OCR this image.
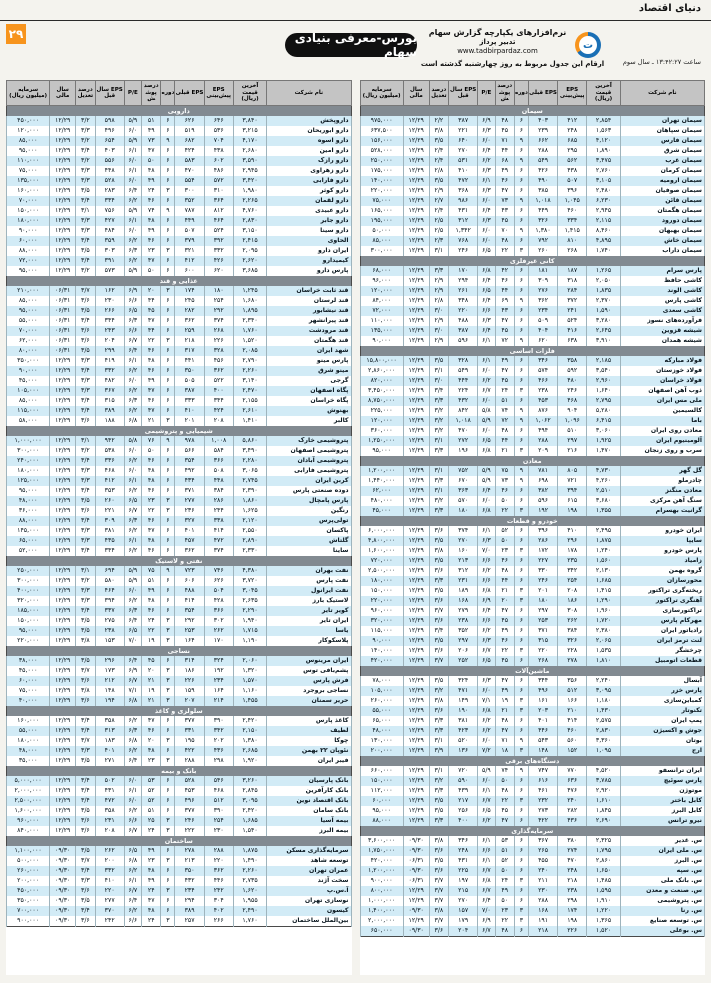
دنیای اقتصاد
۲۹	بورس-معرفی بنیادی سهام
نرم‌افزارهای یکپارچه گزارش سهام
تدبیر پرداز
www.tadbirpardaz.com
ت
ارقام این جدول مربوط به روز چهارشنبه گذشته است	ساعت ۱۳:۴۲:۲۷ ـ سال سوم
نام شرکت	آخرین قیمت (ریال)	EPS پیش‌بینی	EPS قبلی	دوره	درصد پوشش	P/E	EPS سال قبل	درصد تعدیل	سال مالی	سرمایه (میلیون ریال)
سیمان										
سیمان تهران	۲,۸۵۴	۴۱۲	۴۰۳	۶	۴۸	۶/۹	۳۸۷	۲/۲	۱۲/۲۹	۹۷۵,۰۰۰
سیمان سپاهان	۱,۵۶۳	۲۴۸	۲۳۹	۶	۴۵	۶/۳	۲۲۱	۳/۸	۱۲/۲۹	۶۳۷,۵۰۰
سیمان فارس	۴,۱۲۰	۶۸۵	۶۶۲	۹	۷۱	۶/۰	۶۴۰	۳/۵	۱۲/۲۹	۱۵۶,۰۰۰
سیمان شرق	۱,۸۹۰	۲۹۵	۲۸۸	۶	۴۴	۶/۴	۲۷۰	۲/۴	۱۲/۲۹	۵۲۸,۰۰۰
سیمان غرب	۳,۴۷۵	۵۶۲	۵۴۹	۹	۶۸	۶/۲	۵۳۱	۲/۴	۱۲/۲۹	۲۵۰,۰۰۰
سیمان کرمان	۲,۷۶۰	۴۳۸	۴۲۶	۶	۴۹	۶/۳	۴۱۰	۲/۸	۱۲/۲۹	۱۷۵,۰۰۰
سیمان ارومیه	۳,۱۰۵	۵۰۷	۴۹۰	۶	۴۶	۶/۱	۴۷۲	۳/۵	۱۲/۲۹	۱۴۰,۰۰۰
سیمان صوفیان	۲,۴۸۰	۳۹۶	۳۸۵	۶	۴۷	۶/۳	۳۶۸	۲/۹	۱۲/۲۹	۲۲۰,۰۰۰
سیمان قائن	۶,۲۳۰	۱,۰۴۵	۱,۰۱۸	۹	۷۳	۶/۰	۹۸۶	۲/۷	۱۲/۲۹	۷۵,۰۰۰
سیمان هگمتان	۲,۹۴۵	۴۶۰	۴۴۹	۶	۴۳	۶/۴	۴۳۱	۲/۴	۱۲/۲۹	۱۶۵,۰۰۰
سیمان دورود	۲,۱۱۵	۳۳۴	۳۲۶	۶	۴۵	۶/۳	۳۱۲	۲/۵	۱۲/۲۹	۱۹۵,۰۰۰
سیمان بهبهان	۸,۴۶۰	۱,۴۱۵	۱,۳۸۰	۹	۷۰	۶/۰	۱,۳۴۲	۲/۵	۱۲/۲۹	۵۰,۰۰۰
سیمان خاش	۴,۸۹۵	۸۱۰	۷۹۲	۶	۴۸	۶/۰	۷۶۸	۲/۳	۱۲/۲۹	۸۵,۰۰۰
سیمان داراب	۱,۷۴۰	۲۶۸	۲۶۰	۳	۲۲	۶/۵	۲۴۶	۳/۱	۱۲/۲۹	۳۰۰,۰۰۰
کانی غیرفلزی										
پارس سرام	۱,۲۶۵	۱۸۷	۱۸۱	۶	۴۲	۶/۸	۱۷۰	۳/۳	۱۲/۲۹	۶۸,۰۰۰
کاشی حافظ	۲,۰۵۰	۳۱۸	۳۰۹	۶	۴۶	۶/۴	۲۹۴	۲/۹	۱۲/۲۹	۹۶,۰۰۰
کاشی الوند	۱,۸۳۵	۲۸۴	۲۷۶	۶	۴۴	۶/۵	۲۶۱	۲/۹	۱۲/۲۹	۱۲۰,۰۰۰
کاشی پارس	۲,۳۷۰	۳۷۲	۳۶۲	۹	۶۹	۶/۴	۳۴۸	۲/۸	۱۲/۲۹	۸۴,۰۰۰
کاشی سعدی	۱,۵۹۰	۲۴۱	۲۳۴	۶	۴۳	۶/۶	۲۲۰	۳/۰	۱۲/۲۹	۷۲,۰۰۰
فرآورده‌های نسوز	۳,۲۸۰	۵۲۴	۵۰۹	۶	۴۷	۶/۳	۴۸۸	۲/۹	۱۲/۲۹	۱۱۰,۰۰۰
شیشه قزوین	۲,۶۴۵	۴۱۶	۴۰۴	۶	۴۵	۶/۴	۳۸۷	۳/۰	۱۲/۲۹	۱۳۵,۰۰۰
شیشه همدان	۳,۹۱۰	۶۳۸	۶۲۰	۹	۷۲	۶/۱	۵۹۶	۲/۹	۱۲/۲۹	۹۰,۰۰۰
فلزات اساسی										
فولاد مبارکه	۲,۱۸۵	۳۵۸	۳۴۶	۶	۴۹	۶/۱	۳۲۸	۳/۵	۱۲/۲۹	۱۵,۸۰۰,۰۰۰
فولاد خوزستان	۳,۵۴۰	۵۹۲	۵۷۴	۶	۴۷	۶/۰	۵۴۹	۳/۱	۱۲/۲۹	۲,۸۶۰,۰۰۰
فولاد خراسان	۲,۹۶۰	۴۸۰	۴۶۶	۶	۴۵	۶/۲	۴۴۴	۳/۰	۱۲/۲۹	۸۲۰,۰۰۰
ذوب آهن اصفهان	۱,۶۴۰	۲۴۶	۲۳۸	۳	۲۴	۶/۷	۲۲۴	۳/۴	۱۲/۲۹	۳,۴۵۰,۰۰۰
ملی مس ایران	۲,۷۹۵	۴۶۸	۴۵۳	۶	۵۱	۶/۰	۴۳۲	۳/۳	۱۲/۲۹	۸,۷۵۰,۰۰۰
کالسیمین	۵,۲۸۰	۹۰۴	۸۷۶	۹	۷۴	۵/۸	۸۴۲	۳/۲	۱۲/۲۹	۲۲۵,۰۰۰
باما	۶,۴۱۵	۱,۰۹۶	۱,۰۶۲	۹	۷۲	۵/۹	۱,۰۱۸	۳/۲	۱۲/۲۹	۱۲۰,۰۰۰
معادن روی ایران	۳,۰۶۰	۵۱۰	۴۹۴	۶	۴۸	۶/۰	۴۷۰	۳/۲	۱۲/۲۹	۳۶۰,۰۰۰
آلومینیوم ایران	۱,۹۲۵	۲۹۷	۲۸۸	۶	۴۴	۶/۵	۲۷۲	۳/۱	۱۲/۲۹	۱,۲۵۰,۰۰۰
سرب و روی زنجان	۱,۴۷۰	۲۱۶	۲۰۹	۳	۲۱	۶/۸	۱۹۶	۳/۳	۱۲/۲۹	۹۵,۰۰۰
معادن										
گل گهر	۴,۷۳۰	۸۰۵	۷۸۱	۹	۷۵	۵/۹	۷۵۲	۳/۱	۱۲/۲۹	۱,۲۰۰,۰۰۰
چادرملو	۴,۲۶۰	۷۲۱	۶۹۸	۹	۷۳	۵/۹	۶۷۰	۳/۳	۱۲/۲۹	۱,۴۴۰,۰۰۰
معادن منگنز	۲,۵۱۰	۳۹۴	۳۸۲	۶	۴۶	۶/۴	۳۶۳	۳/۱	۱۲/۲۹	۶۲,۰۰۰
سنگ آهن مرکزی	۳,۶۸۰	۶۱۵	۵۹۶	۶	۵۰	۶/۰	۵۷۰	۳/۲	۱۲/۲۹	۴۸۰,۰۰۰
گرانیت بهسرام	۱,۳۵۵	۱۹۸	۱۹۲	۳	۲۲	۶/۸	۱۸۰	۳/۳	۱۲/۲۹	۴۵,۰۰۰
خودرو و قطعات										
ایران خودرو	۲,۴۹۵	۴۱۰	۳۹۶	۶	۵۲	۶/۱	۳۷۴	۳/۶	۱۲/۲۹	۶,۰۰۰,۰۰۰
سایپا	۱,۸۷۵	۲۹۶	۲۸۶	۶	۵۰	۶/۳	۲۷۰	۳/۵	۱۲/۲۹	۴,۸۰۰,۰۰۰
پارس خودرو	۱,۲۴۰	۱۷۸	۱۷۲	۳	۲۳	۷/۰	۱۶۰	۳/۸	۱۲/۲۹	۱,۶۰۰,۰۰۰
زامیاد	۱,۵۶۰	۲۳۵	۲۲۷	۶	۴۶	۶/۶	۲۱۳	۳/۵	۱۲/۲۹	۷۲۰,۰۰۰
گروه بهمن	۲,۱۳۰	۳۴۲	۳۳۰	۶	۴۸	۶/۲	۳۱۲	۳/۶	۱۲/۲۹	۲,۵۰۰,۰۰۰
محورسازان	۱,۶۸۵	۲۵۴	۲۴۶	۶	۴۴	۶/۶	۲۳۱	۳/۳	۱۲/۲۹	۱۸۰,۰۰۰
ریخته‌گری تراکتور	۱,۴۱۵	۲۰۸	۲۰۱	۳	۲۱	۶/۸	۱۸۹	۳/۵	۱۲/۲۹	۱۵۰,۰۰۰
آهنگری تراکتور	۱,۲۹۰	۱۸۶	۱۸۰	۳	۲۰	۶/۹	۱۶۸	۳/۶	۱۲/۲۹	۲۲۰,۰۰۰
تراکتورسازی	۱,۹۶۰	۳۰۸	۲۹۷	۶	۴۷	۶/۴	۲۷۹	۳/۷	۱۲/۲۹	۹۶۰,۰۰۰
مهرکام پارس	۱,۷۲۰	۲۶۲	۲۵۳	۶	۴۵	۶/۶	۲۳۸	۳/۶	۱۲/۲۹	۳۲۰,۰۰۰
رادیاتور ایران	۲,۳۸۰	۳۸۴	۳۷۱	۶	۴۹	۶/۲	۳۵۲	۳/۴	۱۲/۲۹	۱۱۵,۰۰۰
لنت ترمز ایران	۲,۰۶۵	۳۲۶	۳۱۵	۶	۴۶	۶/۳	۲۹۷	۳/۵	۱۲/۲۹	۹۰,۰۰۰
چرخشگر	۱,۵۳۵	۲۲۸	۲۲۰	۳	۲۲	۶/۷	۲۰۶	۳/۶	۱۲/۲۹	۱۴۰,۰۰۰
قطعات اتومبیل	۱,۸۱۰	۲۷۸	۲۶۸	۶	۴۵	۶/۵	۲۵۲	۳/۷	۱۲/۲۹	۴۲۰,۰۰۰
ماشین‌آلات										
آبسال	۲,۲۴۰	۳۵۶	۳۴۴	۶	۴۷	۶/۳	۳۲۴	۳/۵	۱۲/۲۹	۷۸,۰۰۰
پارس خزر	۳,۰۹۵	۵۱۲	۴۹۶	۶	۴۹	۶/۰	۴۷۱	۳/۲	۱۲/۲۹	۱۰۵,۰۰۰
کمباین‌سازی	۱,۱۸۰	۱۶۶	۱۶۱	۳	۱۹	۷/۱	۱۴۹	۳/۸	۱۲/۲۹	۲۶۰,۰۰۰
تکنوتار	۱,۴۳۰	۲۱۰	۲۰۳	۳	۲۱	۶/۸	۱۹۰	۳/۶	۱۲/۲۹	۵۵,۰۰۰
پمپ ایران	۲,۵۷۵	۴۱۴	۴۰۱	۶	۴۸	۶/۲	۳۸۱	۳/۳	۱۲/۲۹	۶۵,۰۰۰
جوش و اکسیژن	۲,۸۳۰	۴۶۰	۴۴۶	۶	۴۷	۶/۲	۴۲۳	۳/۳	۱۲/۲۹	۴۸,۰۰۰
بوتان	۳,۳۶۰	۵۶۰	۵۴۳	۹	۷۱	۶/۰	۵۲۰	۳/۱	۱۲/۲۹	۱۳۰,۰۰۰
ارج	۱,۰۹۵	۱۵۲	۱۴۸	۳	۱۸	۷/۲	۱۳۶	۳/۹	۱۲/۲۹	۲۰۰,۰۰۰
دستگاه‌های برقی										
ایران ترانسفو	۴,۵۲۰	۷۷۰	۷۴۷	۹	۷۴	۵/۹	۷۲۰	۳/۱	۱۲/۲۹	۶۶۰,۰۰۰
پارس سوئیچ	۳,۷۸۵	۶۳۶	۶۱۶	۶	۵۰	۶/۰	۵۹۰	۳/۲	۱۲/۲۹	۱۵۰,۰۰۰
موتوژن	۲,۹۲۰	۴۷۶	۴۶۱	۶	۴۸	۶/۱	۴۳۹	۳/۳	۱۲/۲۹	۱۱۲,۰۰۰
کابل باختر	۱,۶۱۰	۲۴۰	۲۳۲	۳	۲۲	۶/۷	۲۱۷	۳/۵	۱۲/۲۹	۶۰,۰۰۰
کابل البرز	۱,۸۴۵	۲۸۲	۲۷۳	۶	۴۵	۶/۵	۲۵۶	۳/۵	۱۲/۲۹	۹۵,۰۰۰
نیرو ترانس	۲,۶۹۰	۴۳۶	۴۲۲	۶	۴۷	۶/۲	۴۰۰	۳/۳	۱۲/۲۹	۸۸,۰۰۰
سرمایه‌گذاری										
س. غدیر	۲,۳۲۵	۳۸۰	۳۶۷	۶	۵۳	۶/۱	۳۴۶	۳/۸	۰۹/۳۰	۳,۶۰۰,۰۰۰
س. ملی ایران	۱,۷۹۵	۲۷۴	۲۶۵	۶	۵۱	۶/۶	۲۴۸	۳/۶	۰۹/۳۰	۱,۷۵۰,۰۰۰
س. البرز	۲,۸۶۰	۴۷۰	۴۵۵	۶	۵۲	۶/۱	۴۳۱	۳/۵	۰۶/۳۱	۴۲۰,۰۰۰
س. سپه	۱,۶۵۰	۲۴۸	۲۴۰	۶	۵۰	۶/۷	۲۲۵	۳/۶	۰۹/۳۰	۱,۲۰۰,۰۰۰
س. بانک ملی	۱,۴۸۵	۲۱۸	۲۱۱	۳	۲۴	۶/۸	۱۹۷	۳/۷	۰۶/۳۱	۹۰۰,۰۰۰
س. صنعت و معدن	۱,۵۹۵	۲۳۸	۲۳۰	۶	۴۹	۶/۷	۲۱۵	۳/۷	۱۲/۲۹	۸۰۰,۰۰۰
س. پتروشیمی	۱,۹۱۰	۲۹۸	۲۸۸	۶	۵۰	۶/۴	۲۷۰	۳/۷	۱۲/۲۹	۱,۰۰۰,۰۰۰
س. رنا	۱,۲۲۰	۱۷۴	۱۶۸	۳	۲۳	۷/۰	۱۵۷	۳/۸	۰۹/۳۰	۱,۴۰۰,۰۰۰
س. توسعه صنایع	۱,۳۶۵	۱۹۸	۱۹۱	۳	۲۲	۶/۹	۱۷۹	۳/۷	۱۲/۲۹	۲,۰۰۰,۰۰۰
س. بوعلی	۱,۵۲۰	۲۲۶	۲۱۸	۶	۴۸	۶/۷	۲۰۴	۳/۶	۰۹/۳۰	۶۵۰,۰۰۰
نام شرکت	آخرین قیمت (ریال)	EPS پیش‌بینی	EPS قبلی	دوره	درصد پوشش	P/E	EPS سال قبل	درصد تعدیل	سال مالی	سرمایه (میلیون ریال)
دارویی										
داروپخش	۳,۸۴۰	۶۴۶	۶۲۶	۶	۵۱	۵/۹	۵۹۸	۳/۲	۱۲/۲۹	۴۵۰,۰۰۰
دارو ابوریحان	۳,۲۱۵	۵۳۶	۵۱۹	۶	۴۹	۶/۰	۴۹۶	۳/۳	۱۲/۲۹	۱۲۰,۰۰۰
دارو اسوه	۴,۱۷۰	۷۰۴	۶۸۲	۹	۷۳	۵/۹	۶۵۴	۳/۲	۱۲/۲۹	۸۵,۰۰۰
دارو امین	۲,۶۸۰	۴۳۸	۴۲۴	۶	۴۷	۶/۱	۴۰۳	۳/۴	۱۲/۲۹	۹۵,۰۰۰
دارو رازک	۳,۵۹۰	۶۰۲	۵۸۳	۶	۵۰	۶/۰	۵۵۶	۳/۲	۱۲/۲۹	۱۱۰,۰۰۰
دارو زهراوی	۲,۹۴۵	۴۸۶	۴۷۰	۶	۴۸	۶/۱	۴۴۸	۳/۳	۱۲/۲۹	۷۵,۰۰۰
دارو فارابی	۳,۴۲۰	۵۷۲	۵۵۴	۶	۴۹	۶/۰	۵۲۸	۳/۳	۱۲/۲۹	۱۳۵,۰۰۰
دارو کوثر	۱,۹۸۰	۳۱۰	۳۰۰	۳	۲۴	۶/۴	۲۸۳	۳/۵	۱۲/۲۹	۱۶۰,۰۰۰
دارو لقمان	۲,۲۶۵	۳۶۴	۳۵۲	۶	۴۶	۶/۲	۳۳۴	۳/۴	۱۲/۲۹	۷۰,۰۰۰
دارو عبیدی	۴,۷۶۰	۸۱۲	۷۸۷	۹	۷۴	۵/۹	۷۵۶	۳/۱	۱۲/۲۹	۱۵۰,۰۰۰
دارو جابر	۲,۸۳۰	۴۶۴	۴۴۹	۶	۴۸	۶/۱	۴۲۷	۳/۳	۱۲/۲۹	۱۸۰,۰۰۰
دارو سینا	۳,۱۵۰	۵۲۴	۵۰۷	۶	۴۹	۶/۰	۴۸۴	۳/۳	۱۲/۲۹	۹۰,۰۰۰
الحاوی	۲,۴۱۵	۳۹۲	۳۷۹	۶	۴۶	۶/۲	۳۵۹	۳/۴	۱۲/۲۹	۶۰,۰۰۰
ایران دارو	۲,۰۹۵	۳۳۲	۳۲۱	۳	۲۳	۶/۳	۳۰۳	۳/۵	۱۲/۲۹	۸۸,۰۰۰
کیمیدارو	۲,۶۲۰	۴۲۶	۴۱۲	۶	۴۷	۶/۲	۳۹۱	۳/۴	۱۲/۲۹	۷۲,۰۰۰
پارس دارو	۳,۶۸۵	۶۲۰	۶۰۰	۶	۵۰	۵/۹	۵۷۳	۳/۲	۱۲/۲۹	۹۵,۰۰۰
غذایی و قند										
قند ثابت خراسان	۱,۲۴۵	۱۸۰	۱۷۴	۳	۲۰	۶/۹	۱۶۲	۳/۷	۰۶/۳۱	۲۱۰,۰۰۰
قند لرستان	۱,۶۸۰	۲۵۴	۲۴۵	۶	۴۴	۶/۶	۲۳۰	۳/۶	۰۶/۳۱	۸۵,۰۰۰
قند نیشابور	۱,۸۹۵	۲۹۲	۲۸۲	۶	۴۵	۶/۵	۲۶۶	۳/۵	۰۶/۳۱	۹۵,۰۰۰
قند پیرانشهر	۲,۳۴۰	۳۷۴	۳۶۲	۶	۴۷	۶/۳	۳۴۴	۳/۴	۰۶/۳۱	۵۵,۰۰۰
قند مرودشت	۱,۷۶۰	۲۶۸	۲۵۹	۶	۴۴	۶/۶	۲۴۳	۳/۶	۰۶/۳۱	۷۰,۰۰۰
قند هگمتان	۱,۵۲۰	۲۲۶	۲۱۸	۳	۲۲	۶/۷	۲۰۴	۳/۶	۰۶/۳۱	۶۲,۰۰۰
شهد ایران	۲,۰۸۵	۳۲۸	۳۱۷	۶	۴۶	۶/۴	۲۹۹	۳/۵	۰۶/۳۱	۸۰,۰۰۰
پارس مینو	۲,۷۹۰	۴۵۶	۴۴۱	۶	۴۸	۶/۱	۴۱۹	۳/۳	۱۲/۲۹	۳۵۰,۰۰۰
مینو شرق	۲,۲۶۰	۳۶۲	۳۵۰	۶	۴۶	۶/۲	۳۳۲	۳/۴	۱۲/۲۹	۹۰,۰۰۰
گرجی	۳,۱۴۰	۵۲۲	۵۰۵	۶	۴۹	۶/۰	۴۸۲	۳/۳	۱۲/۲۹	۴۵,۰۰۰
پگاه اصفهان	۲,۴۷۰	۴۰۰	۳۸۷	۶	۴۷	۶/۲	۳۶۷	۳/۳	۱۲/۲۹	۱۰۵,۰۰۰
پگاه خراسان	۲,۱۵۵	۳۴۴	۳۳۳	۶	۴۶	۶/۳	۳۱۵	۳/۴	۱۲/۲۹	۸۵,۰۰۰
بهنوش	۲,۶۱۰	۴۲۴	۴۱۰	۶	۴۷	۶/۲	۳۸۹	۳/۴	۱۲/۲۹	۱۱۵,۰۰۰
کالبر	۱,۴۱۰	۲۰۸	۲۰۱	۳	۲۱	۶/۸	۱۸۸	۳/۶	۱۲/۲۹	۵۸,۰۰۰
شیمیایی و پتروشیمی										
پتروشیمی خارک	۵,۸۶۰	۱,۰۰۸	۹۷۸	۹	۷۶	۵/۸	۹۴۲	۳/۱	۱۲/۲۹	۱,۰۰۰,۰۰۰
پتروشیمی اصفهان	۳,۴۹۰	۵۸۴	۵۶۶	۶	۵۰	۶/۰	۵۳۸	۳/۲	۱۲/۲۹	۳۰۰,۰۰۰
پتروشیمی آبادان	۲,۲۸۰	۳۶۶	۳۵۴	۶	۴۶	۶/۲	۳۳۶	۳/۴	۱۲/۲۹	۲۴۰,۰۰۰
پتروشیمی فارابی	۳,۰۶۵	۵۰۸	۴۹۲	۶	۴۸	۶/۰	۴۶۸	۳/۳	۱۲/۲۹	۱۸۰,۰۰۰
کربن ایران	۲,۷۴۵	۴۴۸	۴۳۴	۶	۴۸	۶/۱	۴۱۲	۳/۳	۱۲/۲۹	۱۲۵,۰۰۰
دوده صنعتی پارس	۲,۳۹۰	۳۸۴	۳۷۱	۶	۴۶	۶/۲	۳۵۳	۳/۴	۱۲/۲۹	۹۵,۰۰۰
پارس پامچال	۱,۸۶۰	۲۸۶	۲۷۷	۳	۲۳	۶/۵	۲۶۰	۳/۵	۱۲/۲۹	۴۸,۰۰۰
رنگین	۱,۶۲۵	۲۴۴	۲۳۶	۳	۲۲	۶/۷	۲۲۱	۳/۶	۱۲/۲۹	۳۶,۰۰۰
تولی‌پرس	۲,۱۲۰	۳۳۸	۳۲۷	۶	۴۶	۶/۳	۳۰۹	۳/۴	۱۲/۲۹	۸۸,۰۰۰
پاکسان	۲,۵۵۰	۴۱۴	۴۰۱	۶	۴۷	۶/۲	۳۸۱	۳/۳	۱۲/۲۹	۱۴۵,۰۰۰
گلتاش	۲,۸۹۰	۴۷۲	۴۵۷	۶	۴۸	۶/۱	۴۳۵	۳/۳	۱۲/۲۹	۶۵,۰۰۰
ساینا	۲,۳۳۰	۳۷۴	۳۶۲	۶	۴۶	۶/۲	۳۴۴	۳/۴	۱۲/۲۹	۵۲,۰۰۰
نفتی و لاستیک										
نفت بهران	۴,۳۸۰	۷۴۶	۷۲۳	۹	۷۵	۵/۹	۶۹۴	۳/۱	۱۲/۲۹	۲۵۰,۰۰۰
نفت پارس	۳,۷۲۰	۶۲۶	۶۰۶	۶	۵۱	۵/۹	۵۸۰	۳/۲	۱۲/۲۹	۳۰۰,۰۰۰
نفت ایرانول	۳,۰۴۵	۵۰۴	۴۸۸	۶	۴۹	۶/۰	۴۶۴	۳/۳	۱۲/۲۹	۴۰۰,۰۰۰
لاستیک بارز	۲,۶۳۵	۴۲۸	۴۱۴	۶	۴۸	۶/۲	۳۹۴	۳/۳	۱۲/۲۹	۳۲۰,۰۰۰
کویر تایر	۲,۲۹۰	۳۶۶	۳۵۴	۶	۴۶	۶/۳	۳۳۷	۳/۴	۱۲/۲۹	۱۸۵,۰۰۰
ایران تایر	۱,۹۴۰	۳۰۲	۲۹۲	۳	۲۴	۶/۴	۲۷۵	۳/۵	۱۲/۲۹	۱۵۰,۰۰۰
یاسا	۱,۷۱۵	۲۶۲	۲۵۳	۳	۲۲	۶/۵	۲۳۸	۳/۵	۱۲/۲۹	۹۵,۰۰۰
پلاسکوکار	۱,۱۹۰	۱۷۰	۱۶۴	۳	۱۹	۷/۰	۱۵۳	۳/۸	۱۲/۲۹	۲۲۰,۰۰۰
نساجی										
ایران مرینوس	۲,۰۶۰	۳۲۴	۳۱۴	۶	۴۵	۶/۴	۲۹۶	۳/۵	۱۲/۲۹	۳۸,۰۰۰
پشم‌بافی توس	۱,۳۲۰	۱۹۲	۱۸۶	۳	۲۰	۶/۹	۱۷۳	۳/۷	۱۲/۲۹	۴۵,۰۰۰
فرش پارس	۱,۵۷۰	۲۳۴	۲۲۶	۳	۲۱	۶/۷	۲۱۲	۳/۶	۱۲/۲۹	۶۰,۰۰۰
نساجی بروجرد	۱,۱۶۰	۱۶۴	۱۵۹	۳	۱۹	۷/۱	۱۴۸	۳/۸	۱۲/۲۹	۷۵,۰۰۰
حریر سمنان	۱,۴۵۵	۲۱۴	۲۰۷	۳	۲۱	۶/۸	۱۹۴	۳/۶	۱۲/۲۹	۴۰,۰۰۰
سلولزی و کاغذ										
کاغذ پارس	۲,۴۲۰	۳۹۰	۳۷۷	۶	۴۷	۶/۲	۳۵۸	۳/۴	۱۲/۲۹	۱۶۰,۰۰۰
لطیف	۲,۱۵۰	۳۴۲	۳۳۱	۶	۴۶	۶/۳	۳۱۳	۳/۴	۱۲/۲۹	۵۵,۰۰۰
چوکا	۱,۳۸۰	۲۰۲	۱۹۵	۳	۲۰	۶/۸	۱۸۳	۳/۷	۱۲/۲۹	۱۸۰,۰۰۰
نئوپان ۲۲ بهمن	۲,۶۸۵	۴۳۶	۴۲۲	۶	۴۸	۶/۲	۴۰۱	۳/۳	۱۲/۲۹	۴۸,۰۰۰
فیبر ایران	۱,۹۲۰	۲۹۸	۲۸۸	۳	۲۳	۶/۴	۲۷۱	۳/۵	۱۲/۲۹	۳۵,۰۰۰
بانک و بیمه										
بانک پارسیان	۳,۲۶۰	۵۴۶	۵۲۸	۶	۵۳	۶/۰	۵۰۲	۳/۴	۱۲/۲۹	۵,۰۰۰,۰۰۰
بانک کارآفرین	۲,۸۴۵	۴۶۸	۴۵۳	۶	۵۲	۶/۱	۴۳۱	۳/۴	۱۲/۲۹	۲,۰۰۰,۰۰۰
بانک اقتصاد نوین	۳,۰۹۵	۵۱۲	۴۹۶	۶	۵۲	۶/۰	۴۷۲	۳/۴	۱۲/۲۹	۲,۵۰۰,۰۰۰
بانک سامان	۲,۴۲۰	۳۹۰	۳۷۷	۶	۵۱	۶/۲	۳۵۸	۳/۵	۱۲/۲۹	۱,۶۰۰,۰۰۰
بیمه آسیا	۱,۶۸۵	۲۵۴	۲۴۶	۳	۲۵	۶/۶	۲۳۱	۳/۶	۱۲/۲۹	۹۶۰,۰۰۰
بیمه البرز	۱,۵۴۰	۲۳۰	۲۲۲	۳	۲۴	۶/۷	۲۰۸	۳/۶	۱۲/۲۹	۸۴۰,۰۰۰
ساختمان										
سرمایه‌گذاری مسکن	۱,۸۷۵	۲۸۸	۲۷۸	۶	۴۹	۶/۵	۲۶۲	۳/۵	۰۹/۳۰	۱,۱۰۰,۰۰۰
توسعه شاهد	۱,۴۹۰	۲۲۰	۲۱۳	۳	۲۳	۶/۸	۲۰۰	۳/۷	۰۹/۳۰	۵۰۰,۰۰۰
عمران تهران	۲,۲۶۰	۳۶۲	۳۵۰	۶	۴۸	۶/۲	۳۳۲	۳/۴	۰۹/۳۰	۲۶۰,۰۰۰
سخت آژند	۲,۷۳۵	۴۴۶	۴۳۲	۶	۴۹	۶/۱	۴۱۰	۳/۳	۰۹/۳۰	۲۰۰,۰۰۰
آ.س.پ	۱,۶۲۰	۲۴۲	۲۳۴	۳	۲۴	۶/۷	۲۲۰	۳/۶	۰۹/۳۰	۴۵۰,۰۰۰
نوسازی تهران	۱,۹۵۵	۳۰۴	۲۹۴	۶	۴۷	۶/۴	۲۷۷	۳/۵	۰۹/۳۰	۳۵۰,۰۰۰
کیسون	۲,۴۹۰	۴۰۲	۳۸۹	۶	۴۸	۶/۲	۳۷۰	۳/۴	۰۹/۳۰	۷۰۰,۰۰۰
بین‌الملل ساختمان	۱,۷۶۰	۲۶۶	۲۵۷	۳	۲۴	۶/۶	۲۴۲	۳/۶	۰۹/۳۰	۹۰۰,۰۰۰
